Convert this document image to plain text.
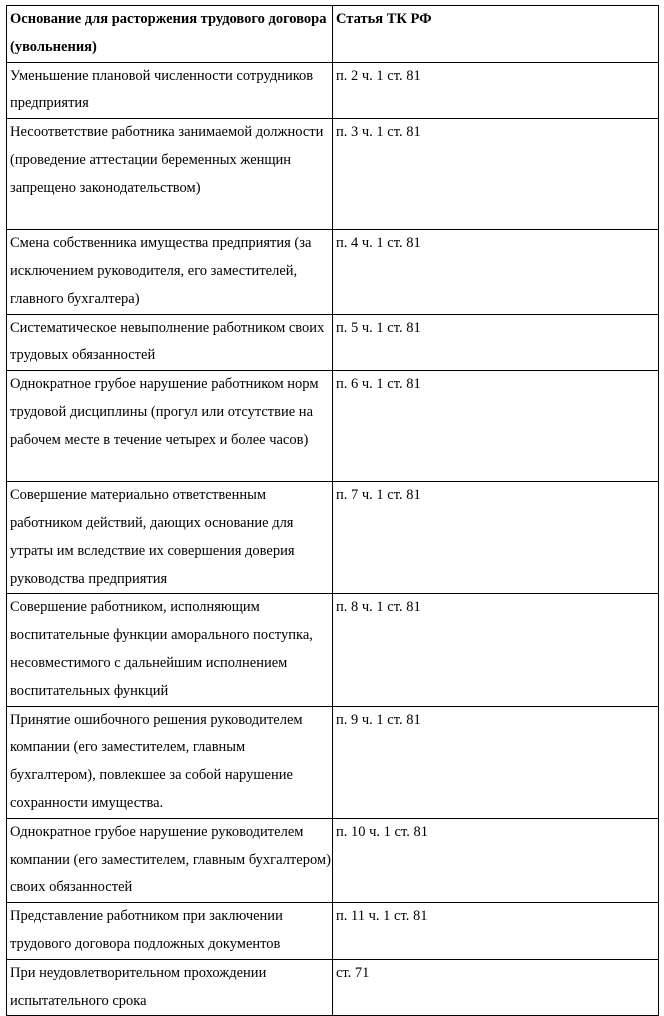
Основание для расторжения трудового договора (увольнения)	Статья ТК РФ
Уменьшение плановой численности сотрудников предприятия	п. 2 ч. 1 ст. 81
Несоответствие работника занимаемой должности (проведение аттестации беременных женщин запрещено законодательством)	п. 3 ч. 1 ст. 81
Смена собственника имущества предприятия (за исключением руководителя, его заместителей, главного бухгалтера)	п. 4 ч. 1 ст. 81
Систематическое невыполнение работником своих трудовых обязанностей	п. 5 ч. 1 ст. 81
Однократное грубое нарушение работником норм трудовой дисциплины (прогул или отсутствие на рабочем месте в течение четырех и более часов)	п. 6 ч. 1 ст. 81
Совершение материально ответственным работником действий, дающих основание для утраты им вследствие их совершения доверия руководства предприятия	п. 7 ч. 1 ст. 81
Совершение работником, исполняющим воспитательные функции аморального поступка, несовместимого с дальнейшим исполнением воспитательных функций	п. 8 ч. 1 ст. 81
Принятие ошибочного решения руководителем компании (его заместителем, главным бухгалтером), повлекшее за собой нарушение сохранности имущества.	п. 9 ч. 1 ст. 81
Однократное грубое нарушение руководителем компании (его заместителем, главным бухгалтером) своих обязанностей	п. 10 ч. 1 ст. 81
Представление работником при заключении трудового договора подложных документов	п. 11 ч. 1 ст. 81
При неудовлетворительном прохождении испытательного срока	ст. 71
